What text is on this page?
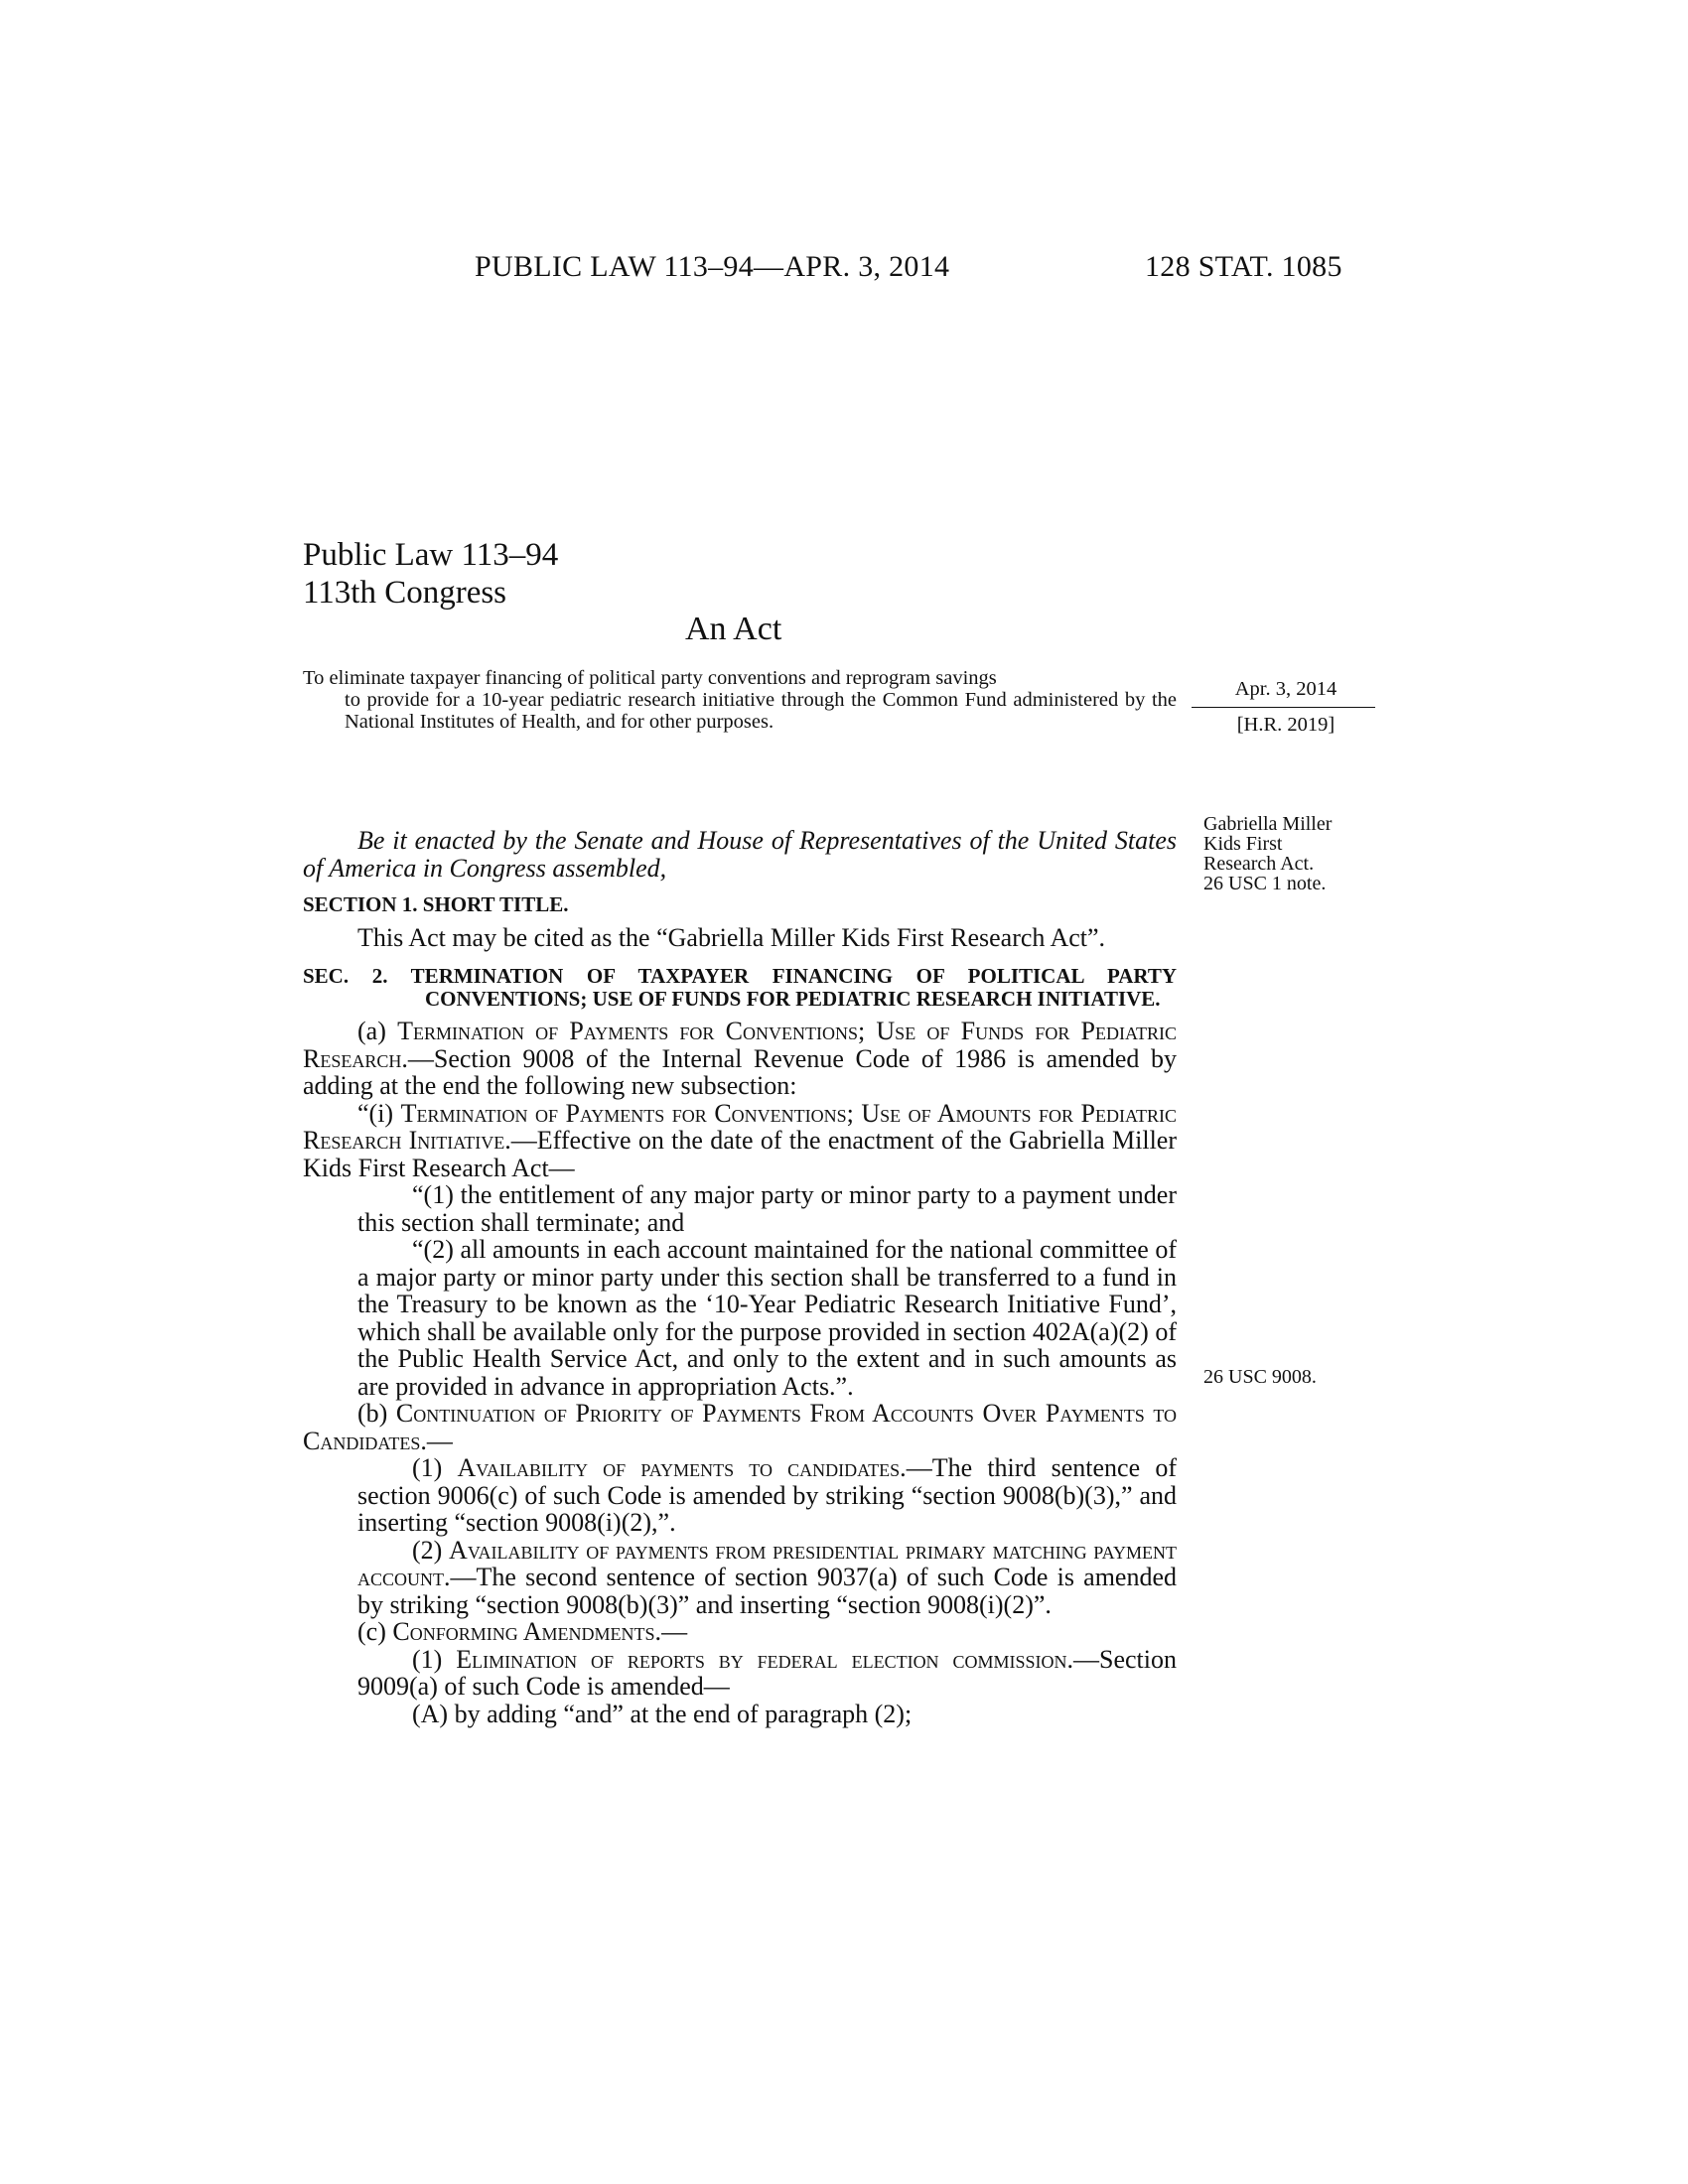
PUBLIC LAW 113–94—APR. 3, 2014	128 STAT. 1085
Public Law 113–94
113th Congress
An Act

To eliminate taxpayer financing of political party conventions and reprogram savings

to provide for a 10-year pediatric research initiative through the Common Fund administered by the National Institutes of Health, and for other purposes.

Apr. 3, 2014
[H.R. 2019]

Be it enacted by the Senate and House of Representatives of the United States of America in Congress assembled,

SECTION 1. SHORT TITLE.

This Act may be cited as the “Gabriella Miller Kids First Research Act”.

SEC. 2. TERMINATION OF TAXPAYER FINANCING OF POLITICAL PARTY CONVENTIONS; USE OF FUNDS FOR PEDIATRIC RESEARCH INITIATIVE.

(a) Termination of Payments for Conventions; Use of Funds for Pediatric Research.—Section 9008 of the Internal Revenue Code of 1986 is amended by adding at the end the following new subsection:

“(i) Termination of Payments for Conventions; Use of Amounts for Pediatric Research Initiative.—Effective on the date of the enactment of the Gabriella Miller Kids First Research Act—

“(1) the entitlement of any major party or minor party to a payment under this section shall terminate; and

“(2) all amounts in each account maintained for the national committee of a major party or minor party under this section shall be transferred to a fund in the Treasury to be known as the ‘10-Year Pediatric Research Initiative Fund’, which shall be available only for the purpose provided in section 402A(a)(2) of the Public Health Service Act, and only to the extent and in such amounts as are provided in advance in appropriation Acts.”.

(b) Continuation of Priority of Payments From Accounts Over Payments to Candidates.—

(1) Availability of payments to candidates.—The third sentence of section 9006(c) of such Code is amended by striking “section 9008(b)(3),” and inserting “section 9008(i)(2),”.

(2) Availability of payments from presidential primary matching payment account.—The second sentence of section 9037(a) of such Code is amended by striking “section 9008(b)(3)” and inserting “section 9008(i)(2)”.

(c) Conforming Amendments.—

(1) Elimination of reports by federal election commission.—Section 9009(a) of such Code is amended—

(A) by adding “and” at the end of paragraph (2);

Gabriella Miller
Kids First
Research Act.
26 USC 1 note.
26 USC 9008.
